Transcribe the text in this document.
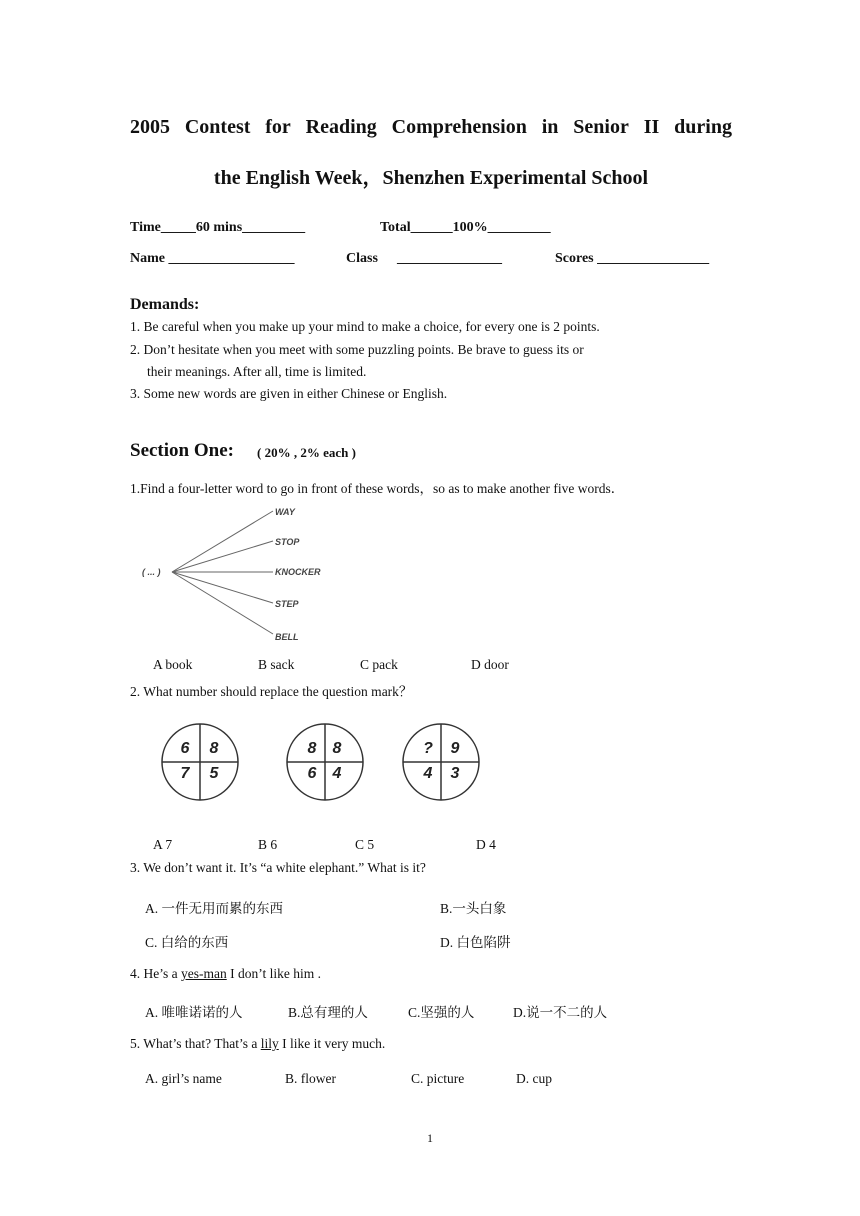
2005 Contest for Reading Comprehension in Senior II during
the English Week，Shenzhen Experimental School
Time_____60 mins_________	Total______100%_________
Name __________________	Class _______________	Scores ________________
Demands:
1. Be careful when you make up your mind to make a choice, for every one is 2 points.
2. Don’t hesitate when you meet with some puzzling points. Be brave to guess its or
their meanings. After all, time is limited.
3. Some new words are given in either Chinese or English.
Section One: ( 20% , 2% each )
1.Find a four-letter word to go in front of these words，so as to make another five words．
( ... )
WAY
STOP
KNOCKER
STEP
BELL
A book	B sack	C pack	D door
2. What number should replace the question mark？
6 8
7 5
8 8
6 4
? 9
4 3
A 7	B 6	C 5	D 4
3. We don’t want it. It’s “a white elephant.” What is it?
A. 一件无用而累的东西	B.一头白象
C. 白给的东西	D. 白色陷阱
4. He’s a yes-man I don’t like him .
A. 唯唯诺诺的人	B.总有理的人	C.坚强的人	D.说一不二的人
5. What’s that? That’s a lily I like it very much.
A. girl’s name	B. flower	C. picture	D. cup
1
